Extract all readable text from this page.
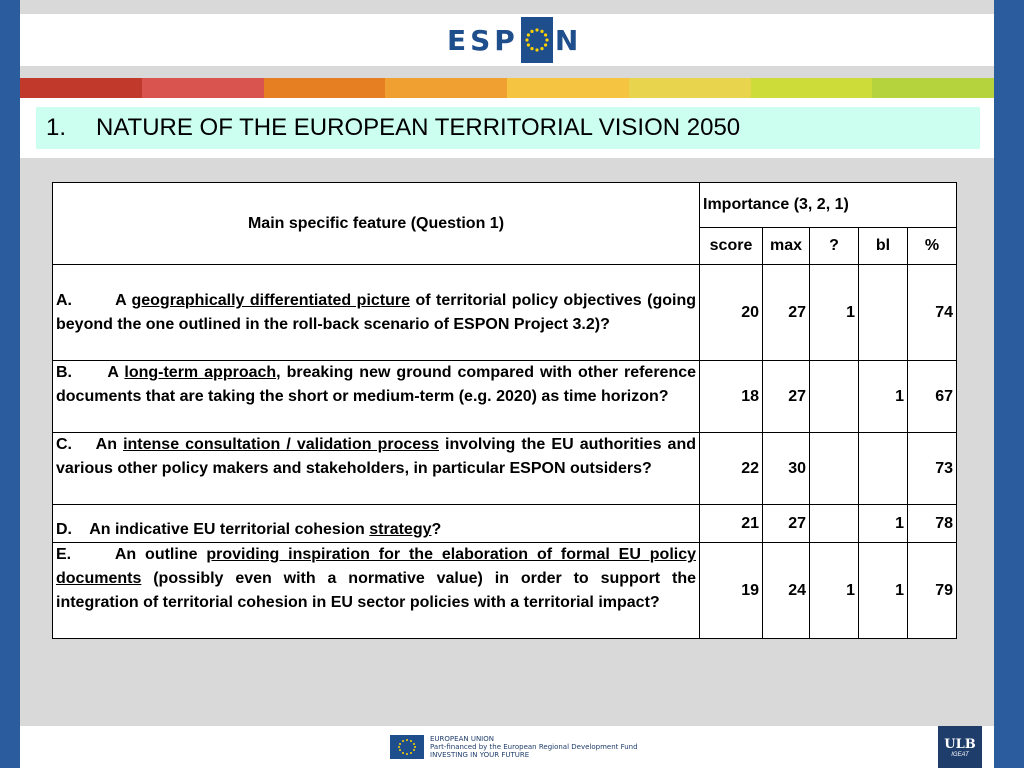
ESP N
1.	NATURE OF THE EUROPEAN TERRITORIAL VISION 2050
Main specific feature (Question 1)	Importance (3, 2, 1)				
	score	max	?	bl	%
A.        A geographically differentiated picture of territorial policy objectives (going beyond the one outlined in the roll-back scenario of ESPON Project 3.2)?	20	27	1		74
B.      A long-term approach, breaking new ground compared with other reference documents that are taking the short or medium-term (e.g. 2020) as time horizon?	18	27		1	67
C.    An intense consultation / validation process involving the EU authorities and various other policy makers and stakeholders, in particular ESPON outsiders?	22	30			73
D.    An indicative EU territorial cohesion strategy?	21	27		1	78
E.     An outline providing inspiration for the elaboration of formal EU policy documents (possibly even with a normative value) in order to support the integration of territorial cohesion in EU sector policies with a territorial impact?	19	24	1	1	79
EUROPEAN UNION
Part-financed by the European Regional Development Fund
INVESTING IN YOUR FUTURE
ULB
IGEAT
